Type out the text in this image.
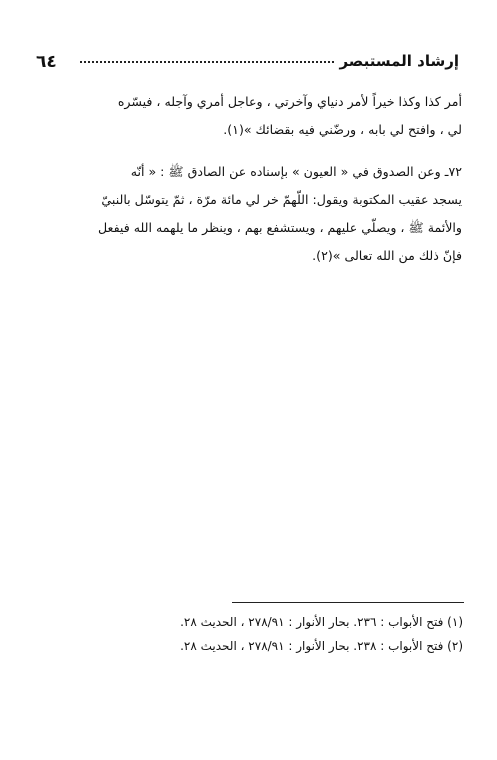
٦٤	إرشاد المستبصر
أمر كذا وكذا خيراً لأمر دنياي وآخرتي ، وعاجل أمري وآجله ، فيسّره
لي ، وافتح لي بابه ، ورضّني فيه بقضائك »(١).
٧٢ـ وعن الصدوق في « العيون » بإسناده عن الصادق ﷺ : « أنّه
يسجد عقيب المكتوبة ويقول: اللّهمّ خر لي مائة مرّة ، ثمّ يتوسّل بالنبيّ
والأئمة ﷺ ، ويصلّي عليهم ، ويستشفع بهم ، وينظر ما يلهمه الله فيفعل
فإنّ ذلك من الله تعالى »(٢).
(١) فتح الأبواب : ٢٣٦. بحار الأنوار : ٢٧٨/٩١ ، الحديث ٢٨.
(٢) فتح الأبواب : ٢٣٨. بحار الأنوار : ٢٧٨/٩١ ، الحديث ٢٨.
